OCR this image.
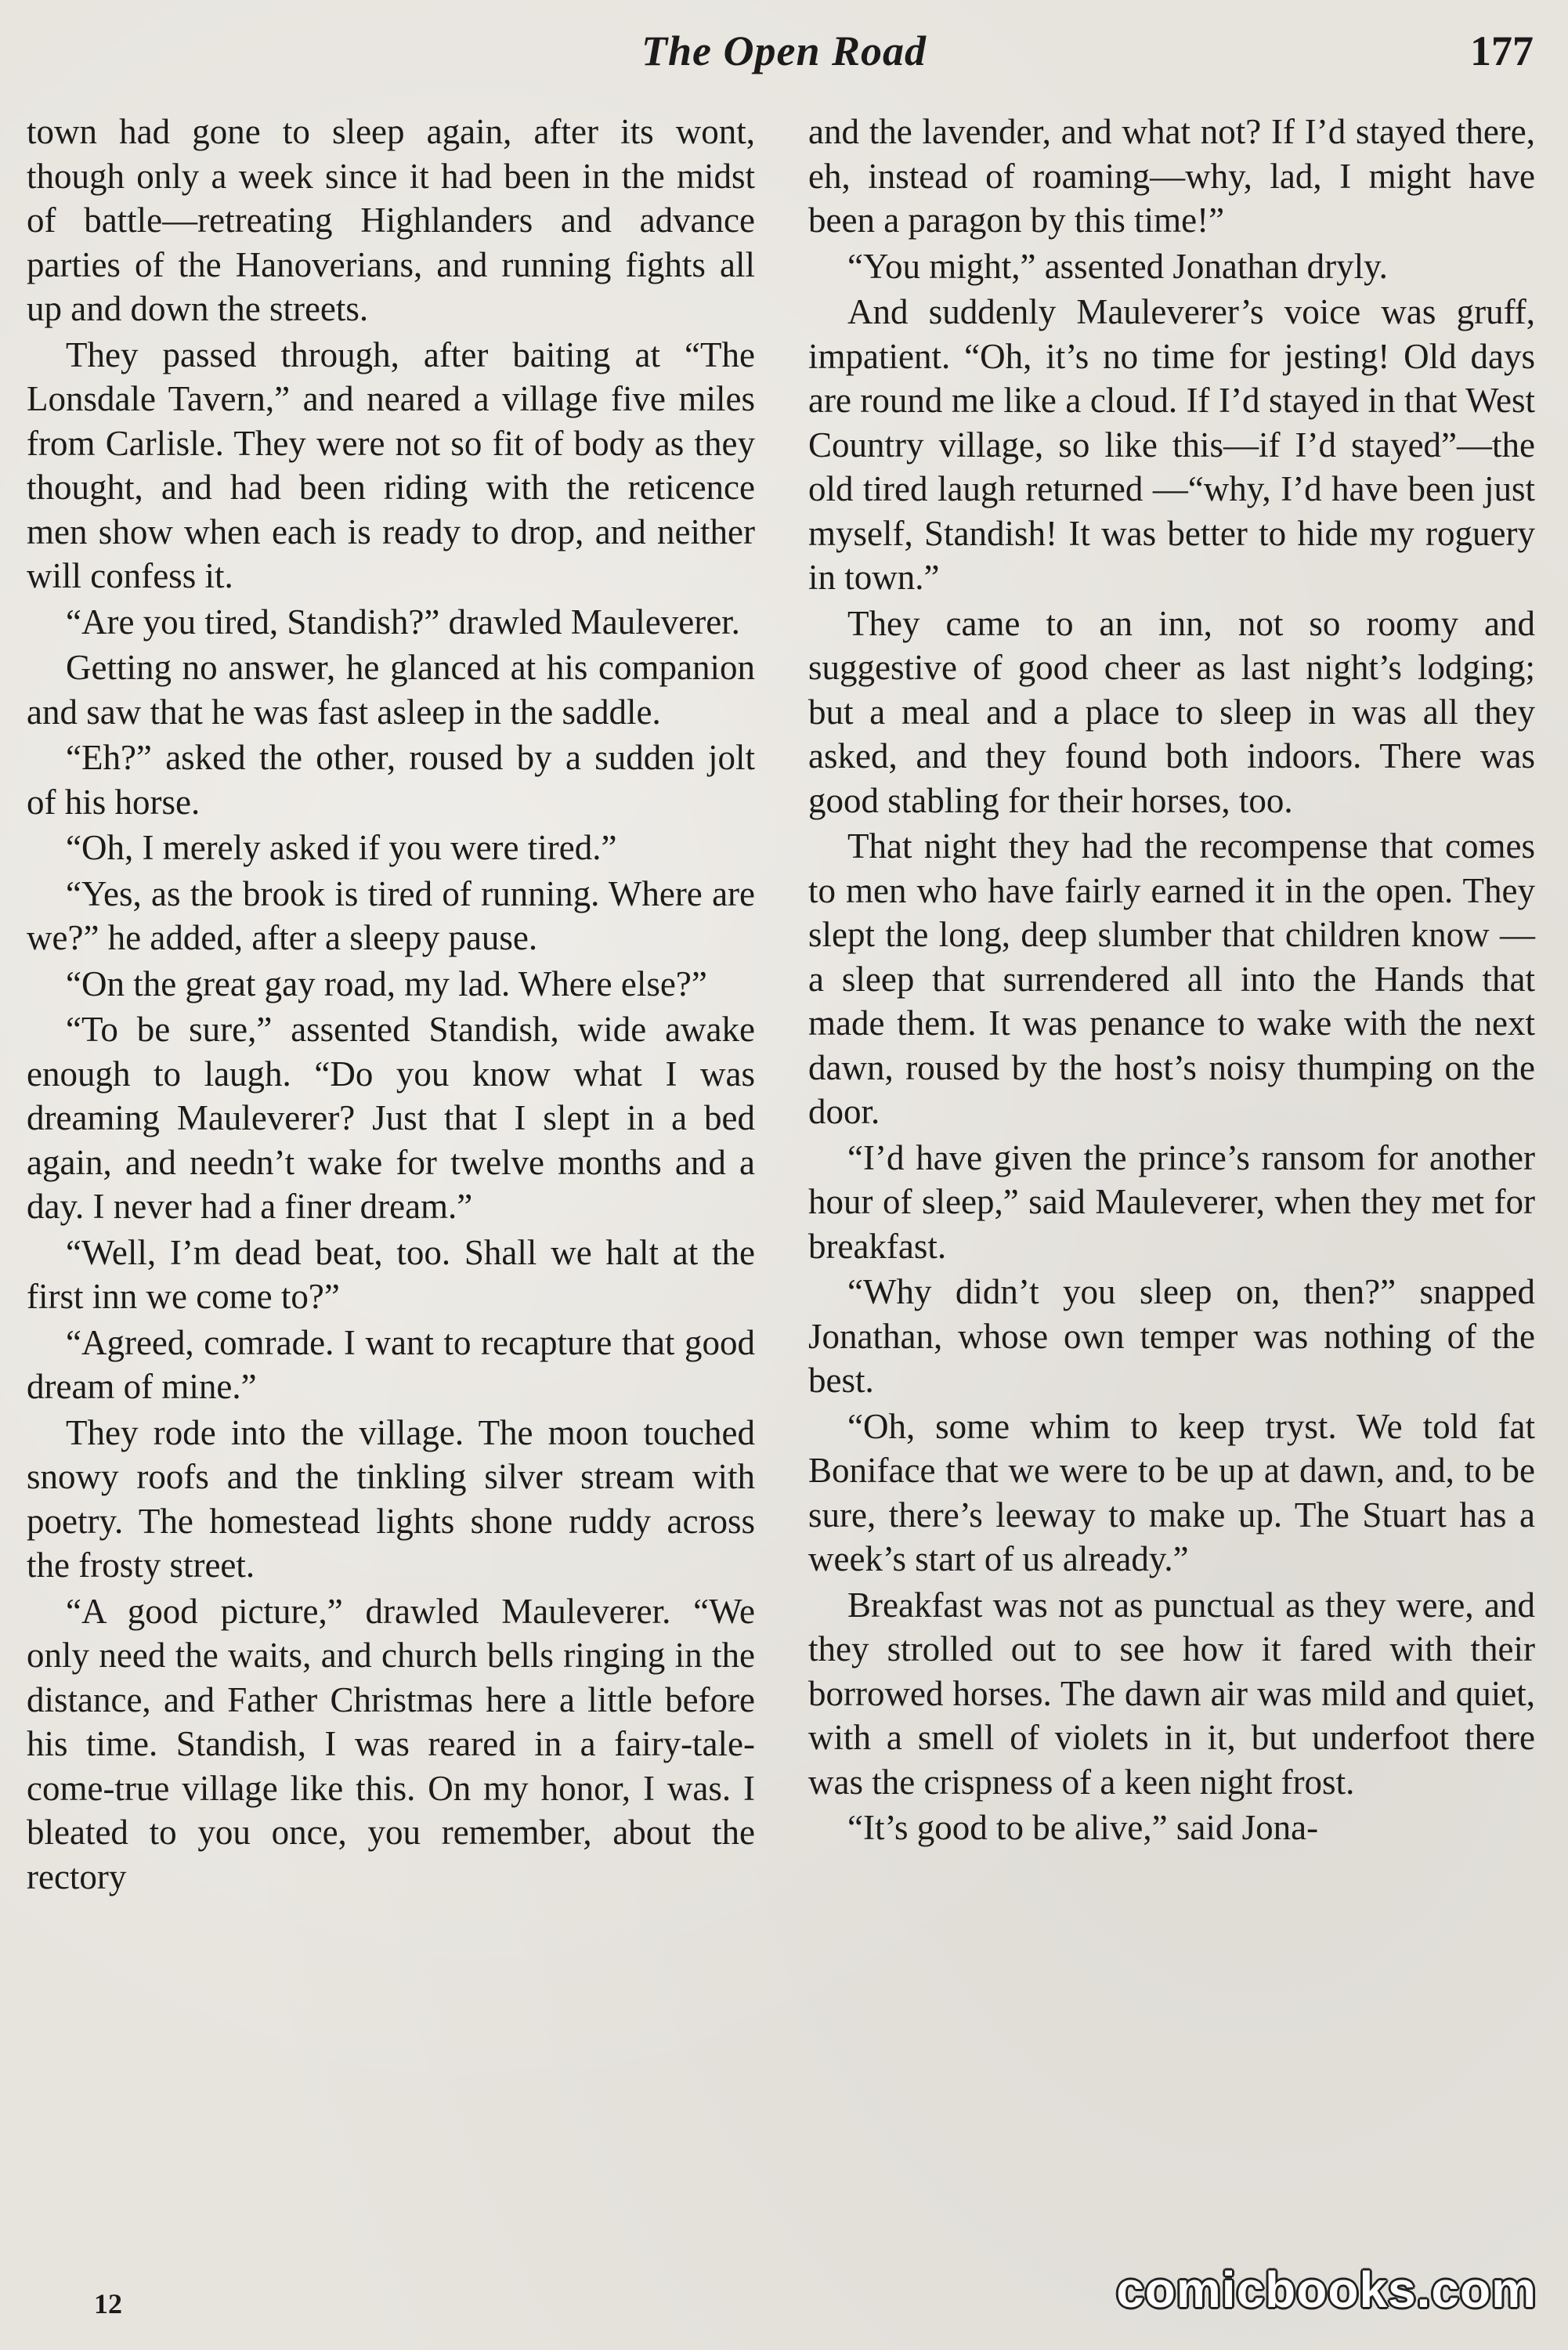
The Open Road	177

town had gone to sleep again, after its wont, though only a week since it had been in the midst of battle—retreating Highlanders and advance parties of the Hanoverians, and running fights all up and down the streets.

They passed through, after baiting at “The Lonsdale Tavern,” and neared a village five miles from Carlisle. They were not so fit of body as they thought, and had been riding with the reticence men show when each is ready to drop, and neither will confess it.

“Are you tired, Standish?” drawled Mauleverer.

Getting no answer, he glanced at his companion and saw that he was fast asleep in the saddle.

“Eh?” asked the other, roused by a sudden jolt of his horse.

“Oh, I merely asked if you were tired.”

“Yes, as the brook is tired of running. Where are we?” he added, after a sleepy pause.

“On the great gay road, my lad. Where else?”

“To be sure,” assented Standish, wide awake enough to laugh. “Do you know what I was dreaming Mauleverer? Just that I slept in a bed again, and needn’t wake for twelve months and a day. I never had a finer dream.”

“Well, I’m dead beat, too. Shall we halt at the first inn we come to?”

“Agreed, comrade. I want to recapture that good dream of mine.”

They rode into the village. The moon touched snowy roofs and the tinkling silver stream with poetry. The homestead lights shone ruddy across the frosty street.

“A good picture,” drawled Mauleverer. “We only need the waits, and church bells ringing in the distance, and Father Christmas here a little before his time. Standish, I was reared in a fairy-tale-come-true village like this. On my honor, I was. I bleated to you once, you remember, about the rectory

and the lavender, and what not? If I’d stayed there, eh, instead of roaming—why, lad, I might have been a paragon by this time!”

“You might,” assented Jonathan dryly.

And suddenly Mauleverer’s voice was gruff, impatient. “Oh, it’s no time for jesting! Old days are round me like a cloud. If I’d stayed in that West Country village, so like this—if I’d stayed”—the old tired laugh returned —“why, I’d have been just myself, Standish! It was better to hide my roguery in town.”

They came to an inn, not so roomy and suggestive of good cheer as last night’s lodging; but a meal and a place to sleep in was all they asked, and they found both indoors. There was good stabling for their horses, too.

That night they had the recompense that comes to men who have fairly earned it in the open. They slept the long, deep slumber that children know —a sleep that surrendered all into the Hands that made them. It was penance to wake with the next dawn, roused by the host’s noisy thumping on the door.

“I’d have given the prince’s ransom for another hour of sleep,” said Mauleverer, when they met for breakfast.

“Why didn’t you sleep on, then?” snapped Jonathan, whose own temper was nothing of the best.

“Oh, some whim to keep tryst. We told fat Boniface that we were to be up at dawn, and, to be sure, there’s leeway to make up. The Stuart has a week’s start of us already.”

Breakfast was not as punctual as they were, and they strolled out to see how it fared with their borrowed horses. The dawn air was mild and quiet, with a smell of violets in it, but underfoot there was the crispness of a keen night frost.

“It’s good to be alive,” said Jona-

12	comicbooks.com
